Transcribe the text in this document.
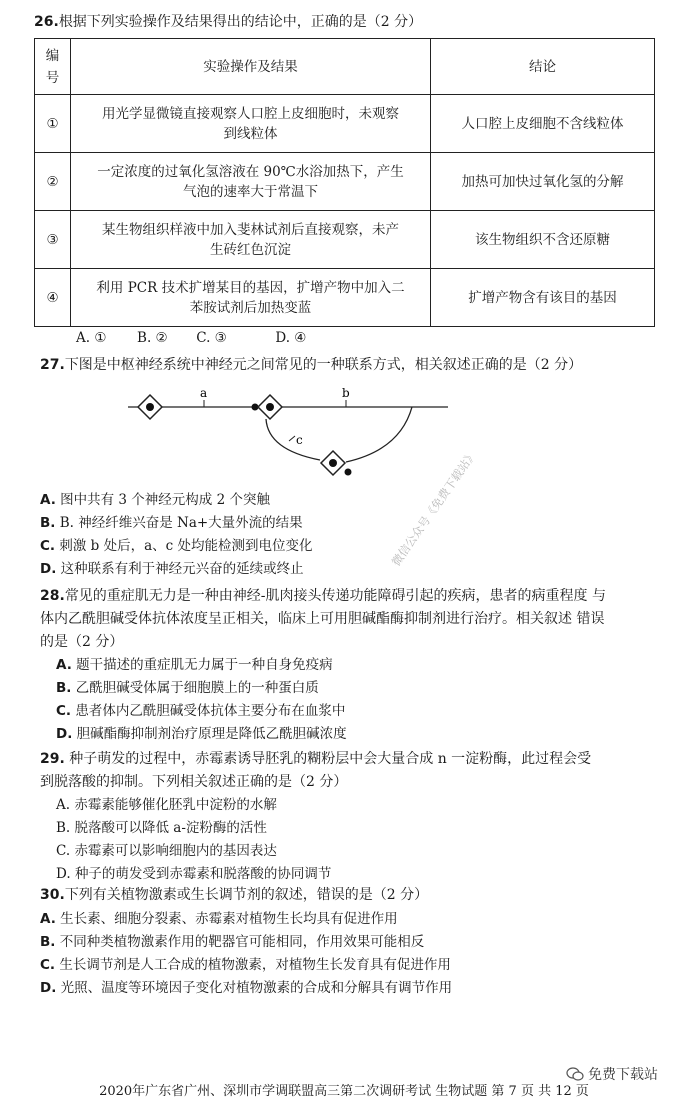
26.根据下列实验操作及结果得出的结论中，正确的是（2 分）
编号	实验操作及结果	结论
①	用光学显微镜直接观察人口腔上皮细胞时，未观察
到线粒体	人口腔上皮细胞不含线粒体
②	一定浓度的过氧化氢溶液在 90℃水浴加热下，产生
气泡的速率大于常温下	加热可加快过氧化氢的分解
③	某生物组织样液中加入斐林试剂后直接观察，未产
生砖红色沉淀	该生物组织不含还原糖
④	利用 PCR 技术扩增某目的基因，扩增产物中加入二
苯胺试剂后加热变蓝	扩增产物含有该目的基因
A. ① B. ② C. ③	D. ④
27.下图是中枢神经系统中神经元之间常见的一种联系方式，相关叙述正确的是（2 分）
a	b
c
A. 图中共有 3 个神经元构成 2 个突触
B. B. 神经纤维兴奋是 Na+大量外流的结果
C. 刺激 b 处后，a、c 处均能检测到电位变化
D. 这种联系有利于神经元兴奋的延续或终止
28.常见的重症肌无力是一种由神经-肌肉接头传递功能障碍引起的疾病，患者的病重程度 与
体内乙酰胆碱受体抗体浓度呈正相关，临床上可用胆碱酯酶抑制剂进行治疗。相关叙述 错误
的是（2 分）
A. 题干描述的重症肌无力属于一种自身免疫病
B. 乙酰胆碱受体属于细胞膜上的一种蛋白质
C. 患者体内乙酰胆碱受体抗体主要分布在血浆中
D. 胆碱酯酶抑制剂治疗原理是降低乙酰胆碱浓度
29. 种子萌发的过程中，赤霉素诱导胚乳的糊粉层中会大量合成 n 一淀粉酶，此过程会受
到脱落酸的抑制。下列相关叙述正确的是（2 分）
A. 赤霉素能够催化胚乳中淀粉的水解
B. 脱落酸可以降低 a-淀粉酶的活性
C. 赤霉素可以影响细胞内的基因表达
D. 种子的萌发受到赤霉素和脱落酸的协同调节
30.下列有关植物激素或生长调节剂的叙述，错误的是（2 分）
A. 生长素、细胞分裂素、赤霉素对植物生长均具有促进作用
B. 不同种类植物激素作用的靶器官可能相同，作用效果可能相反
C. 生长调节剂是人工合成的植物激素，对植物生长发育具有促进作用
D. 光照、温度等环境因子变化对植物激素的合成和分解具有调节作用
微信公众号《免费下载站》
免费下载站
2020年广东省广州、深圳市学调联盟高三第二次调研考试 生物试题 第 7 页 共 12 页
